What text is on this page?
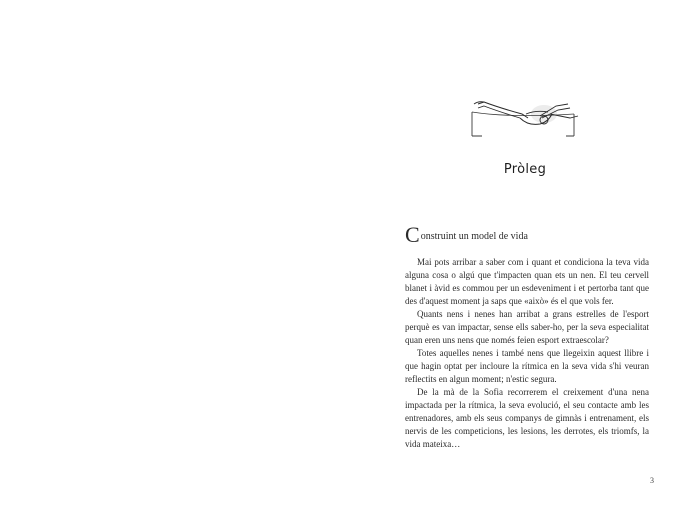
Pròleg
Construint un model de vida

Mai pots arribar a saber com i quant et condiciona la teva vida alguna cosa o algú que t'impacten quan ets un nen. El teu cervell blanet i àvid es commou per un esdeveniment i et pertorba tant que des d'aquest moment ja saps que «això» és el que vols fer.

Quants nens i nenes han arribat a grans estrelles de l'esport perquè es van impactar, sense ells saber-ho, per la seva especialitat quan eren uns nens que només feien esport extraescolar?

Totes aquelles nenes i també nens que llegeixin aquest llibre i que hagin optat per incloure la rítmica en la seva vida s'hi veuran reflectits en algun moment; n'estic segura.

De la mà de la Sofia recorrerem el creixement d'una nena impactada per la rítmica, la seva evolució, el seu contacte amb les entrenadores, amb els seus companys de gimnàs i entrenament, els nervis de les competicions, les lesions, les derrotes, els triomfs, la vida mateixa…

3
